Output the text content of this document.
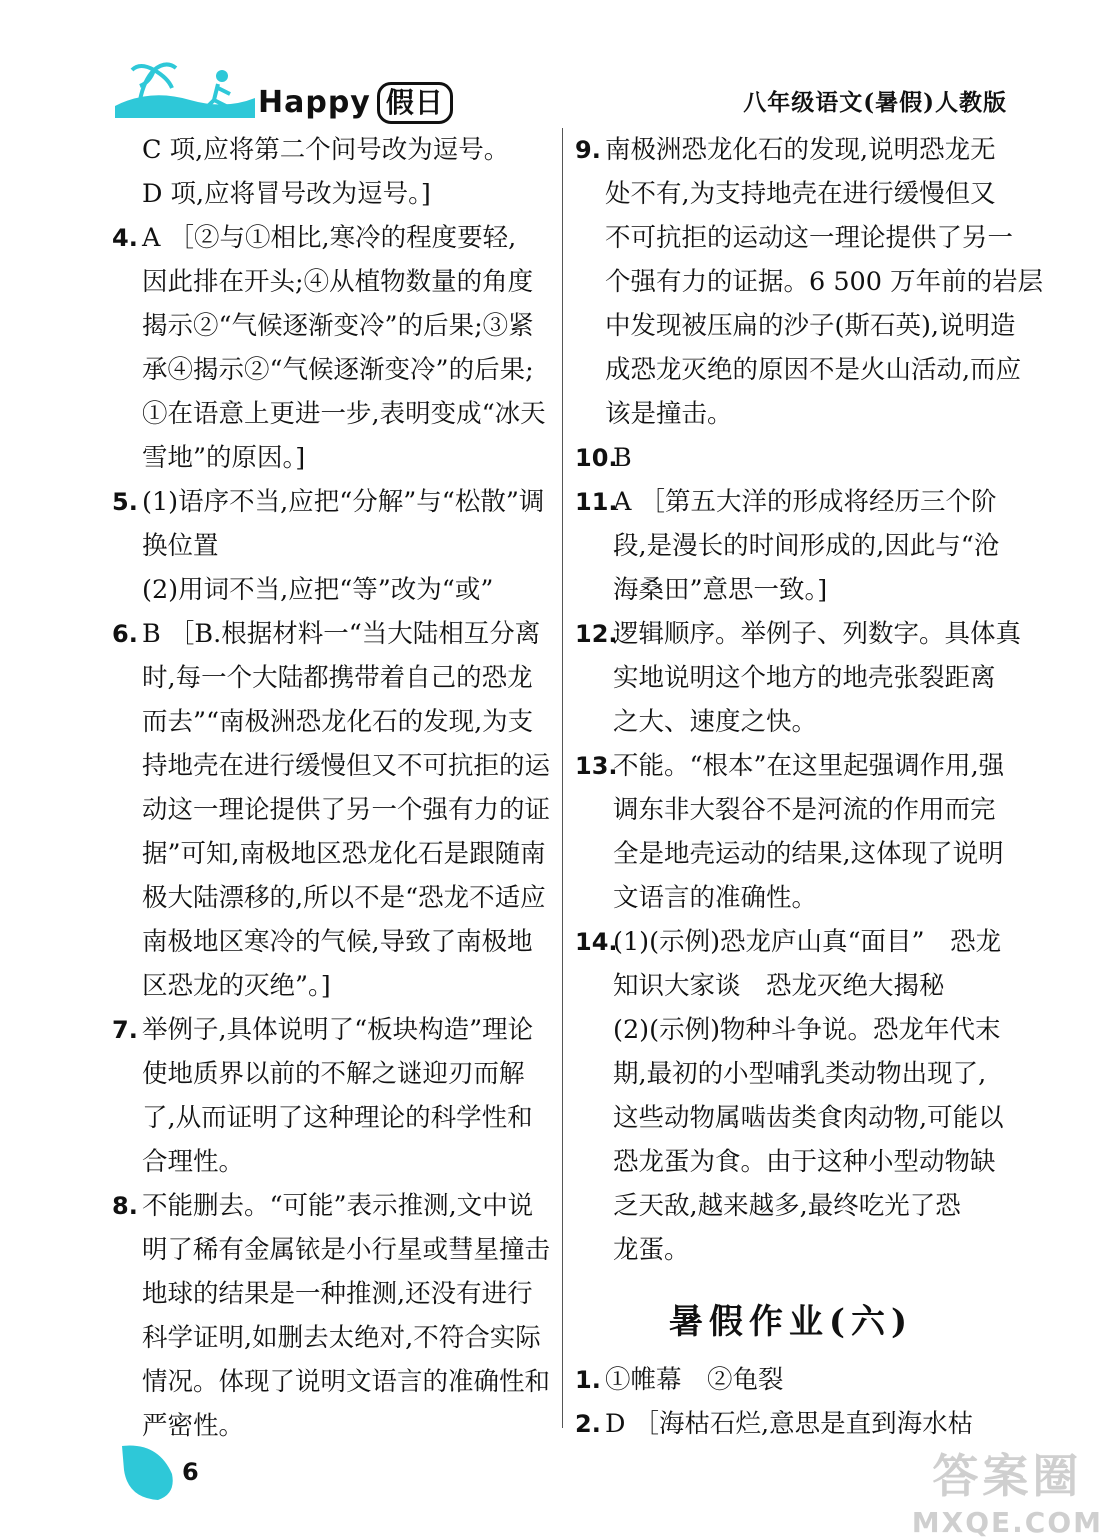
Happy 假日	八年级语文(暑假)人教版
C 项,应将第二个问号改为逗号。
D 项,应将冒号改为逗号。]
4. A ［②与①相比,寒冷的程度要轻,
因此排在开头;④从植物数量的角度
揭示②“气候逐渐变冷”的后果;③紧
承④揭示②“气候逐渐变冷”的后果;
①在语意上更进一步,表明变成“冰天
雪地”的原因。]
5. (1)语序不当,应把“分解”与“松散”调
换位置
(2)用词不当,应把“等”改为“或”
6. B ［B.根据材料一“当大陆相互分离
时,每一个大陆都携带着自己的恐龙
而去”“南极洲恐龙化石的发现,为支
持地壳在进行缓慢但又不可抗拒的运
动这一理论提供了另一个强有力的证
据”可知,南极地区恐龙化石是跟随南
极大陆漂移的,所以不是“恐龙不适应
南极地区寒冷的气候,导致了南极地
区恐龙的灭绝”。]
7. 举例子,具体说明了“板块构造”理论
使地质界以前的不解之谜迎刃而解
了,从而证明了这种理论的科学性和
合理性。
8. 不能删去。“可能”表示推测,文中说
明了稀有金属铱是小行星或彗星撞击
地球的结果是一种推测,还没有进行
科学证明,如删去太绝对,不符合实际
情况。体现了说明文语言的准确性和
严密性。
9. 南极洲恐龙化石的发现,说明恐龙无
处不有,为支持地壳在进行缓慢但又
不可抗拒的运动这一理论提供了另一
个强有力的证据。6 500 万年前的岩层
中发现被压扁的沙子(斯石英),说明造
成恐龙灭绝的原因不是火山活动,而应
该是撞击。
10.
B
11.
A ［第五大洋的形成将经历三个阶
段,是漫长的时间形成的,因此与“沧
海桑田”意思一致。]
12.
逻辑顺序。举例子、列数字。具体真
实地说明这个地方的地壳张裂距离
之大、速度之快。
13.
不能。“根本”在这里起强调作用,强
调东非大裂谷不是河流的作用而完
全是地壳运动的结果,这体现了说明
文语言的准确性。
14.
(1)(示例)恐龙庐山真“面目”　恐龙
知识大家谈　恐龙灭绝大揭秘
(2)(示例)物种斗争说。恐龙年代末
期,最初的小型哺乳类动物出现了,
这些动物属啮齿类食肉动物,可能以
恐龙蛋为食。由于这种小型动物缺
乏天敌,越来越多,最终吃光了恐
龙蛋。
暑假作业(六)
1. ①帷幕　②龟裂
2. D ［海枯石烂,意思是直到海水枯
6	答案圈
MXQE.COM
